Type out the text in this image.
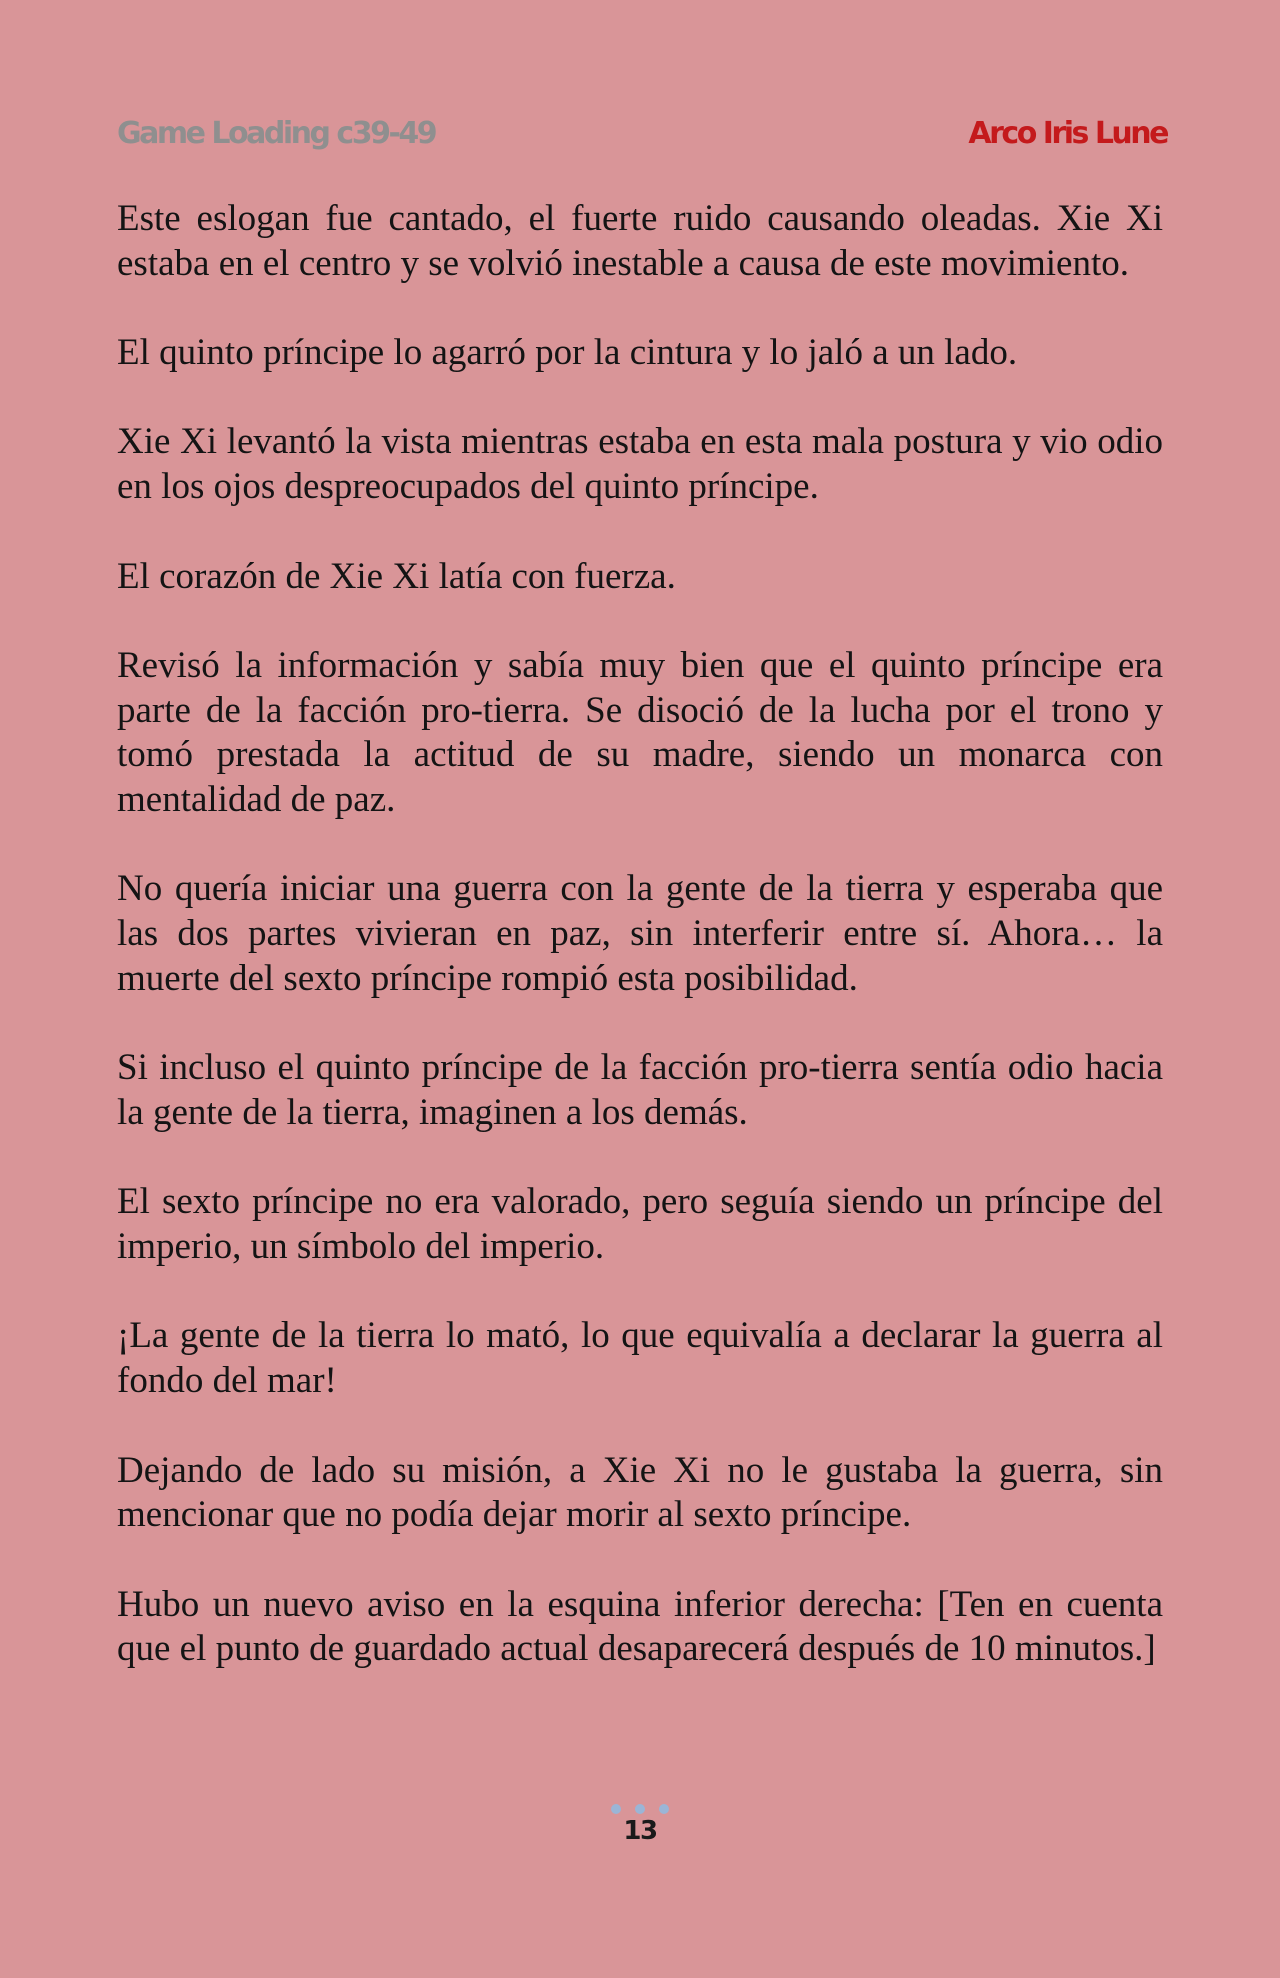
Game Loading c39-49	Arco Iris Lune

Este eslogan fue cantado, el fuerte ruido causando oleadas. Xie Xi estaba en el centro y se volvió inestable a causa de este movimiento.

El quinto príncipe lo agarró por la cintura y lo jaló a un lado.

Xie Xi levantó la vista mientras estaba en esta mala postura y vio odio en los ojos despreocupados del quinto príncipe.

El corazón de Xie Xi latía con fuerza.

Revisó la información y sabía muy bien que el quinto príncipe era parte de la facción pro-tierra. Se disoció de la lucha por el trono y tomó prestada la actitud de su madre, siendo un monarca con mentalidad de paz.

No quería iniciar una guerra con la gente de la tierra y esperaba que las dos partes vivieran en paz, sin interferir entre sí. Ahora… la muerte del sexto príncipe rompió esta posibilidad.

Si incluso el quinto príncipe de la facción pro-tierra sentía odio hacia la gente de la tierra, imaginen a los demás.

El sexto príncipe no era valorado, pero seguía siendo un príncipe del imperio, un símbolo del imperio.

¡La gente de la tierra lo mató, lo que equivalía a declarar la guerra al fondo del mar!

Dejando de lado su misión, a Xie Xi no le gustaba la guerra, sin mencionar que no podía dejar morir al sexto príncipe.

Hubo un nuevo aviso en la esquina inferior derecha: [Ten en cuenta que el punto de guardado actual desaparecerá después de 10 minutos.]

13
